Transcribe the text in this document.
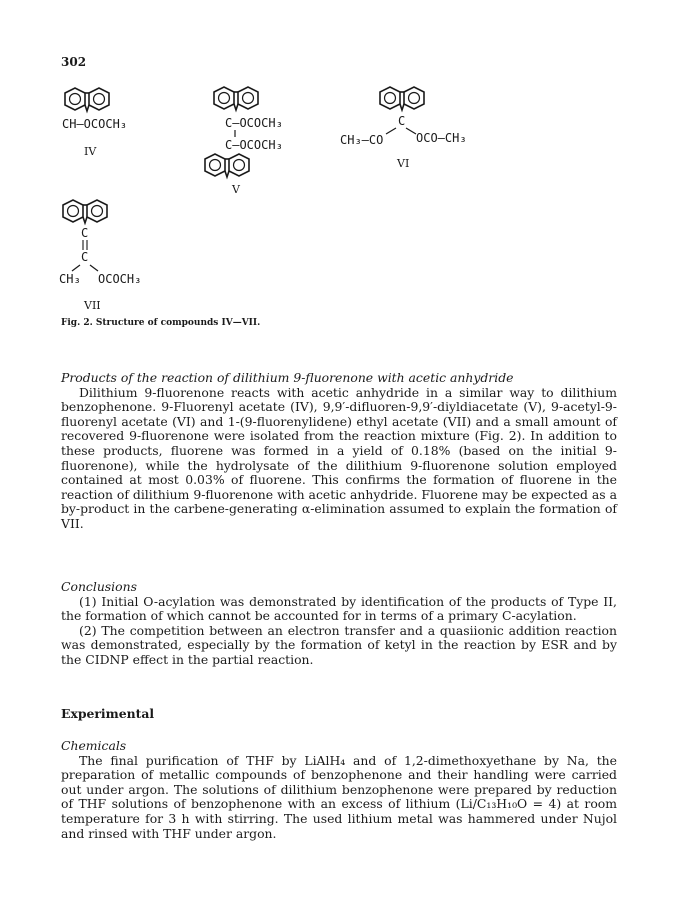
302
CH–OCOCH₃
IV
C–OCOCH₃
C–OCOCH₃
V
C
CH₃–CO	OCO–CH₃
VI
C
C
CH₃ OCOCH₃
VII
Fig. 2. Structure of compounds IV—VII.

Products of the reaction of dilithium 9-fluorenone with acetic anhydride

Dilithium 9-fluorenone reacts with acetic anhydride in a similar way to dilithium benzophenone. 9-Fluorenyl acetate (IV), 9,9′-difluoren-9,9′-diyldiacetate (V), 9-acetyl-9-fluorenyl acetate (VI) and 1-(9-fluorenylidene) ethyl acetate (VII) and a small amount of recovered 9-fluorenone were isolated from the reaction mixture (Fig. 2). In addition to these products, fluorene was formed in a yield of 0.18% (based on the initial 9-fluorenone), while the hydrolysate of the dilithium 9-fluorenone solution employed contained at most 0.03% of fluorene. This confirms the formation of fluorene in the reaction of dilithium 9-fluorenone with acetic anhydride. Fluorene may be expected as a by-product in the carbene-generating α-elimination assumed to explain the formation of VII.

Conclusions

(1) Initial O-acylation was demonstrated by identification of the products of Type II, the formation of which cannot be accounted for in terms of a primary C-acylation.

(2) The competition between an electron transfer and a quasiionic addition reaction was demonstrated, especially by the formation of ketyl in the reaction by ESR and by the CIDNP effect in the partial reaction.

Experimental

Chemicals

The final purification of THF by LiAlH₄ and of 1,2-dimethoxyethane by Na, the preparation of metallic compounds of benzophenone and their handling were carried out under argon. The solutions of dilithium benzophenone were prepared by reduction of THF solutions of benzophenone with an excess of lithium (Li/C₁₃H₁₀O = 4) at room temperature for 3 h with stirring. The used lithium metal was hammered under Nujol and rinsed with THF under argon.
